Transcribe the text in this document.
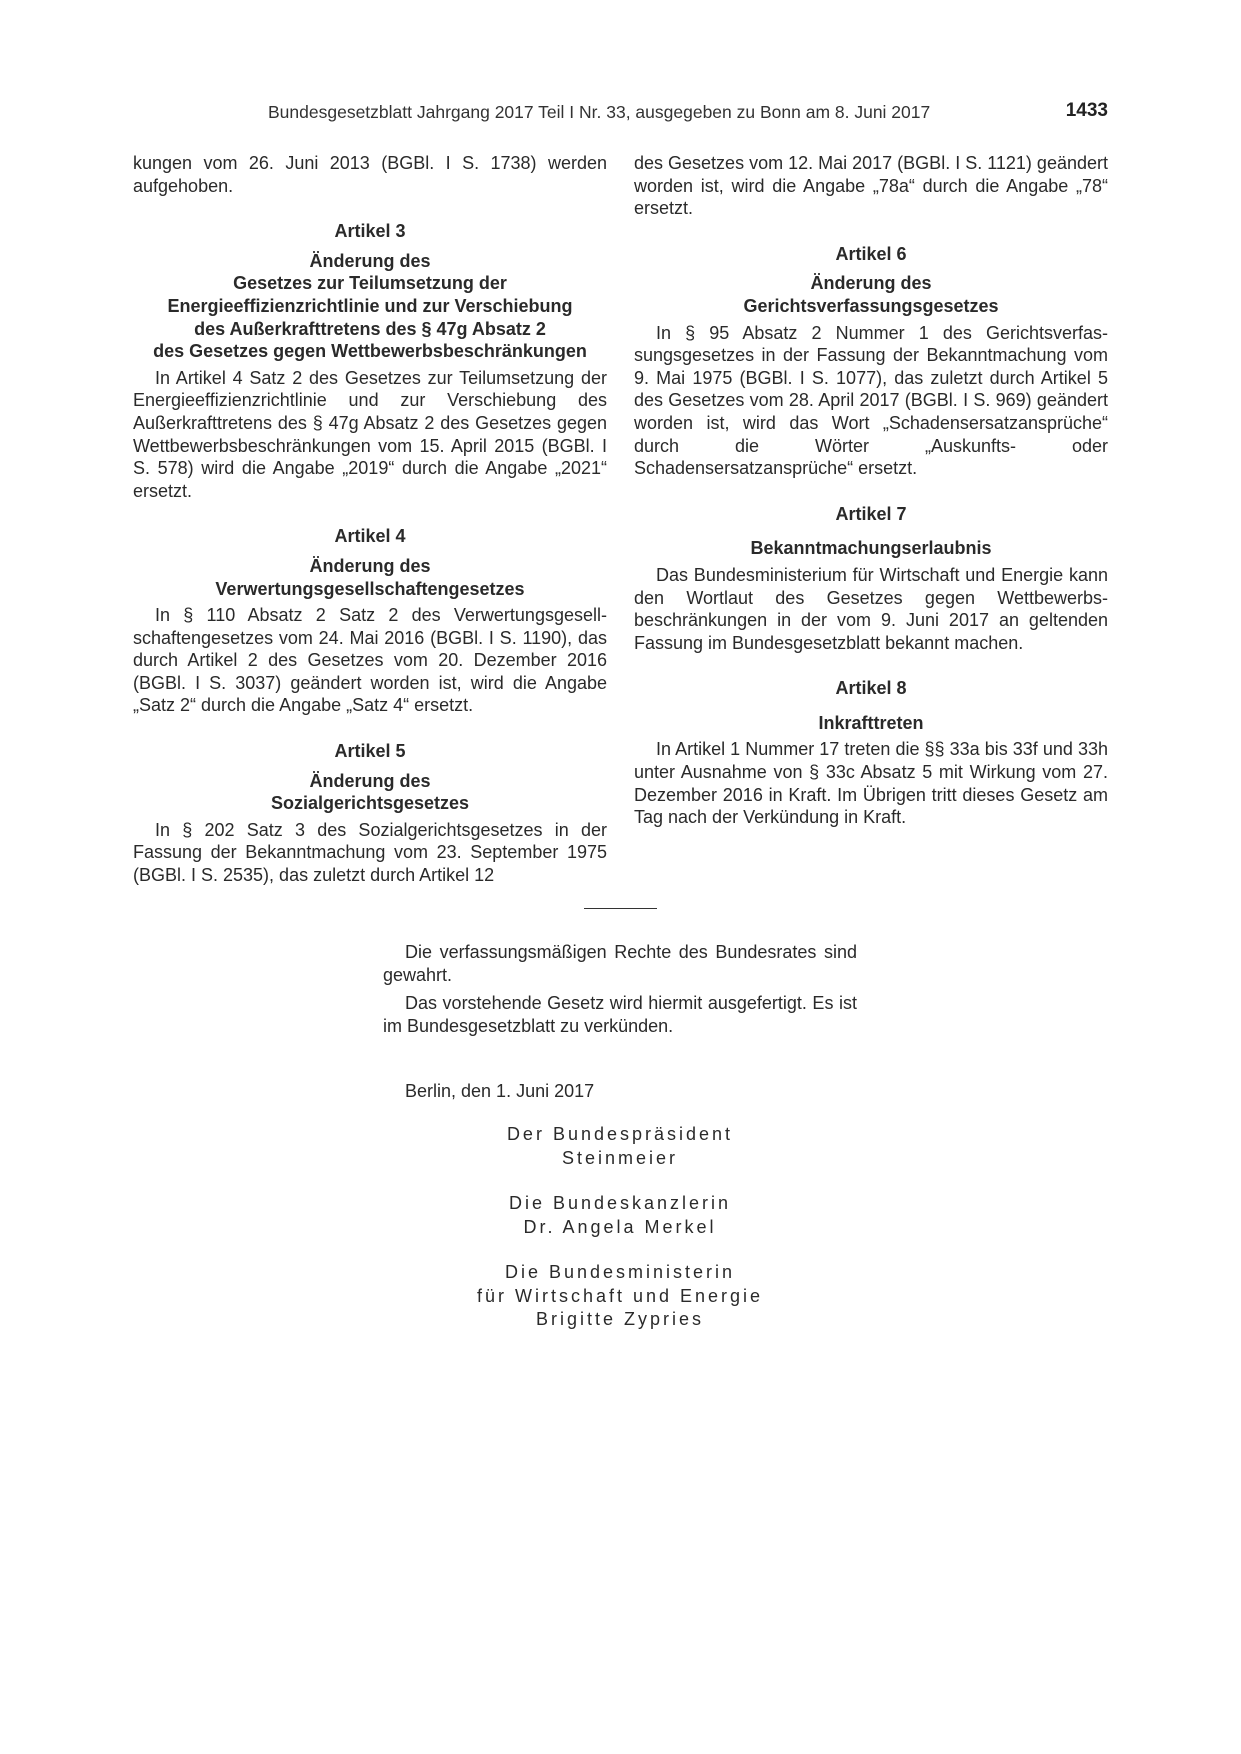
Bundesgesetzblatt Jahrgang 2017 Teil I Nr. 33, ausgegeben zu Bonn am 8. Juni 2017	1433

kungen vom 26. Juni 2013 (BGBl. I S. 1738) werden aufgehoben.

Artikel 3
Änderung des
Gesetzes zur Teilumsetzung der
Energieeffizienzrichtlinie und zur Verschiebung
des Außerkrafttretens des § 47g Absatz 2
des Gesetzes gegen Wettbewerbsbeschränkungen

In Artikel 4 Satz 2 des Gesetzes zur Teilumsetzung der Energieeffizienzrichtlinie und zur Verschiebung des Außerkrafttretens des § 47g Absatz 2 des Gesetzes gegen Wettbewerbsbeschränkungen vom 15. April 2015 (BGBl. I S. 578) wird die Angabe „2019“ durch die Angabe „2021“ ersetzt.

Artikel 4
Änderung des
Verwertungsgesellschaftengesetzes

In § 110 Absatz 2 Satz 2 des Verwertungsgesellschaftengesetzes vom 24. Mai 2016 (BGBl. I S. 1190), das durch Artikel 2 des Gesetzes vom 20. Dezember 2016 (BGBl. I S. 3037) geändert worden ist, wird die Angabe „Satz 2“ durch die Angabe „Satz 4“ ersetzt.

Artikel 5
Änderung des
Sozialgerichtsgesetzes

In § 202 Satz 3 des Sozialgerichtsgesetzes in der Fassung der Bekanntmachung vom 23. September 1975 (BGBl. I S. 2535), das zuletzt durch Artikel 12

des Gesetzes vom 12. Mai 2017 (BGBl. I S. 1121) geändert worden ist, wird die Angabe „78a“ durch die Angabe „78“ ersetzt.

Artikel 6
Änderung des
Gerichtsverfassungsgesetzes

In § 95 Absatz 2 Nummer 1 des Gerichtsverfassungsgesetzes in der Fassung der Bekanntmachung vom 9. Mai 1975 (BGBl. I S. 1077), das zuletzt durch Artikel 5 des Gesetzes vom 28. April 2017 (BGBl. I S. 969) geändert worden ist, wird das Wort „Schadensersatzansprüche“ durch die Wörter „Auskunfts- oder Schadensersatzansprüche“ ersetzt.

Artikel 7
Bekanntmachungserlaubnis

Das Bundesministerium für Wirtschaft und Energie kann den Wortlaut des Gesetzes gegen Wettbewerbsbeschränkungen in der vom 9. Juni 2017 an geltenden Fassung im Bundesgesetzblatt bekannt machen.

Artikel 8
Inkrafttreten

In Artikel 1 Nummer 17 treten die §§ 33a bis 33f und 33h unter Ausnahme von § 33c Absatz 5 mit Wirkung vom 27. Dezember 2016 in Kraft. Im Übrigen tritt dieses Gesetz am Tag nach der Verkündung in Kraft.

Die verfassungsmäßigen Rechte des Bundesrates sind gewahrt.

Das vorstehende Gesetz wird hiermit ausgefertigt. Es ist im Bundesgesetzblatt zu verkünden.

Berlin, den 1. Juni 2017
Der Bundespräsident
Steinmeier
Die Bundeskanzlerin
Dr. Angela Merkel
Die Bundesministerin
für Wirtschaft und Energie
Brigitte Zypries
